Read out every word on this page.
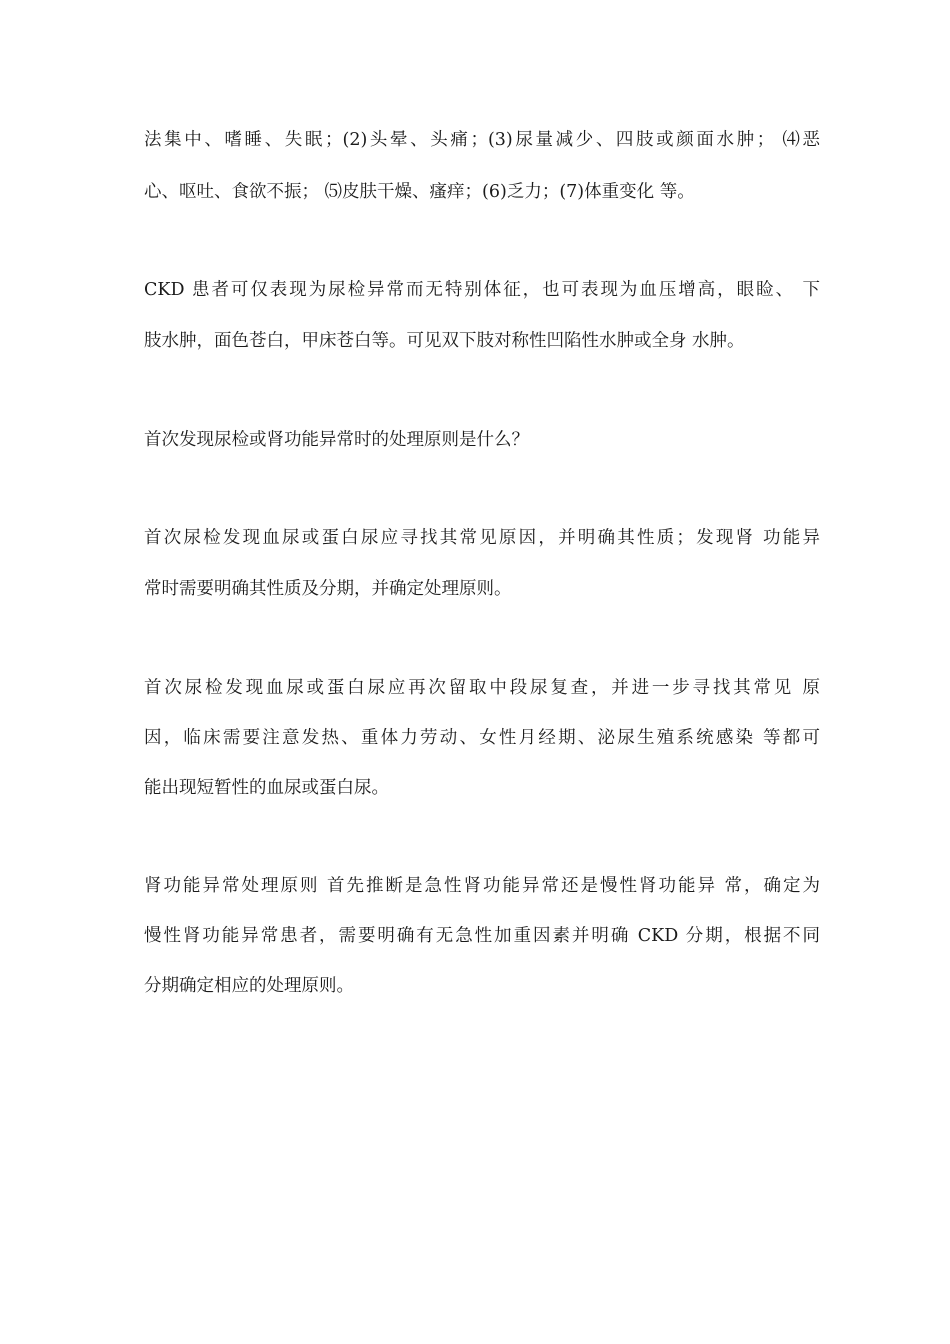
法集中、嗜睡、失眠；(2)头晕、头痛；(3)尿量减少、四肢或颜面水肿； ⑷恶
心、呕吐、食欲不振； ⑸皮肤干燥、瘙痒；(6)乏力；(7)体重变化 等。
CKD 患者可仅表现为尿检异常而无特别体征，也可表现为血压增高，眼睑、 下
肢水肿，面色苍白，甲床苍白等。可见双下肢对称性凹陷性水肿或全身 水肿。
首次发现尿检或肾功能异常时的处理原则是什么？
首次尿检发现血尿或蛋白尿应寻找其常见原因，并明确其性质；发现肾 功能异
常时需要明确其性质及分期，并确定处理原则。
首次尿检发现血尿或蛋白尿应再次留取中段尿复查，并进一步寻找其常见 原
因，临床需要注意发热、重体力劳动、女性月经期、泌尿生殖系统感染 等都可
能出现短暂性的血尿或蛋白尿。
肾功能异常处理原则 首先推断是急性肾功能异常还是慢性肾功能异 常，确定为
慢性肾功能异常患者，需要明确有无急性加重因素并明确 CKD 分期，根据不同
分期确定相应的处理原则。
